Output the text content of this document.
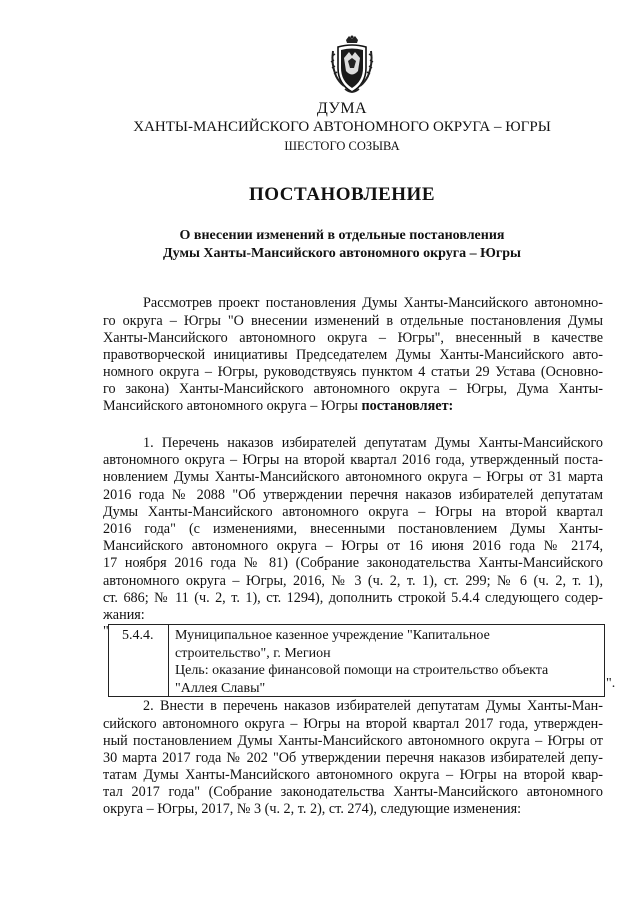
ДУМА
ХАНТЫ-МАНСИЙСКОГО АВТОНОМНОГО ОКРУГА – ЮГРЫ
ШЕСТОГО СОЗЫВА
ПОСТАНОВЛЕНИЕ
О внесении изменений в отдельные постановления
Думы Ханты-Мансийского автономного округа – Югры
Рассмотрев проект постановления Думы Ханты-Мансийского автономно-
го округа – Югры "О внесении изменений в отдельные постановления Думы
Ханты-Мансийского автономного округа – Югры", внесенный в качестве
правотворческой инициативы Председателем Думы Ханты-Мансийского авто-
номного округа – Югры, руководствуясь пунктом 4 статьи 29 Устава (Основно-
го закона) Ханты-Мансийского автономного округа – Югры, Дума Ханты-
Мансийского автономного округа – Югры постановляет:
1. Перечень наказов избирателей депутатам Думы Ханты-Мансийского
автономного округа – Югры на второй квартал 2016 года, утвержденный поста-
новлением Думы Ханты-Мансийского автономного округа – Югры от 31 марта
2016 года № 2088 "Об утверждении перечня наказов избирателей депутатам
Думы Ханты-Мансийского автономного округа – Югры на второй квартал
2016 года" (с изменениями, внесенными постановлением Думы Ханты-
Мансийского автономного округа – Югры от 16 июня 2016 года № 2174,
17 ноября 2016 года № 81) (Собрание законодательства Ханты-Мансийского
автономного округа – Югры, 2016, № 3 (ч. 2, т. 1), ст. 299; № 6 (ч. 2, т. 1),
ст. 686; № 11 (ч. 2, т. 1), ст. 1294), дополнить строкой 5.4.4 следующего содер-
жания:
" 5.4.4.	Муниципальное казенное учреждение "Капитальное
строительство", г. Мегион
Цель: оказание финансовой помощи на строительство объекта
"Аллея Славы"	".
2. Внести в перечень наказов избирателей депутатам Думы Ханты-Ман-
сийского автономного округа – Югры на второй квартал 2017 года, утвержден-
ный постановлением Думы Ханты-Мансийского автономного округа – Югры от
30 марта 2017 года № 202 "Об утверждении перечня наказов избирателей депу-
татам Думы Ханты-Мансийского автономного округа – Югры на второй квар-
тал 2017 года" (Собрание законодательства Ханты-Мансийского автономного
округа – Югры, 2017, № 3 (ч. 2, т. 2), ст. 274), следующие изменения:
